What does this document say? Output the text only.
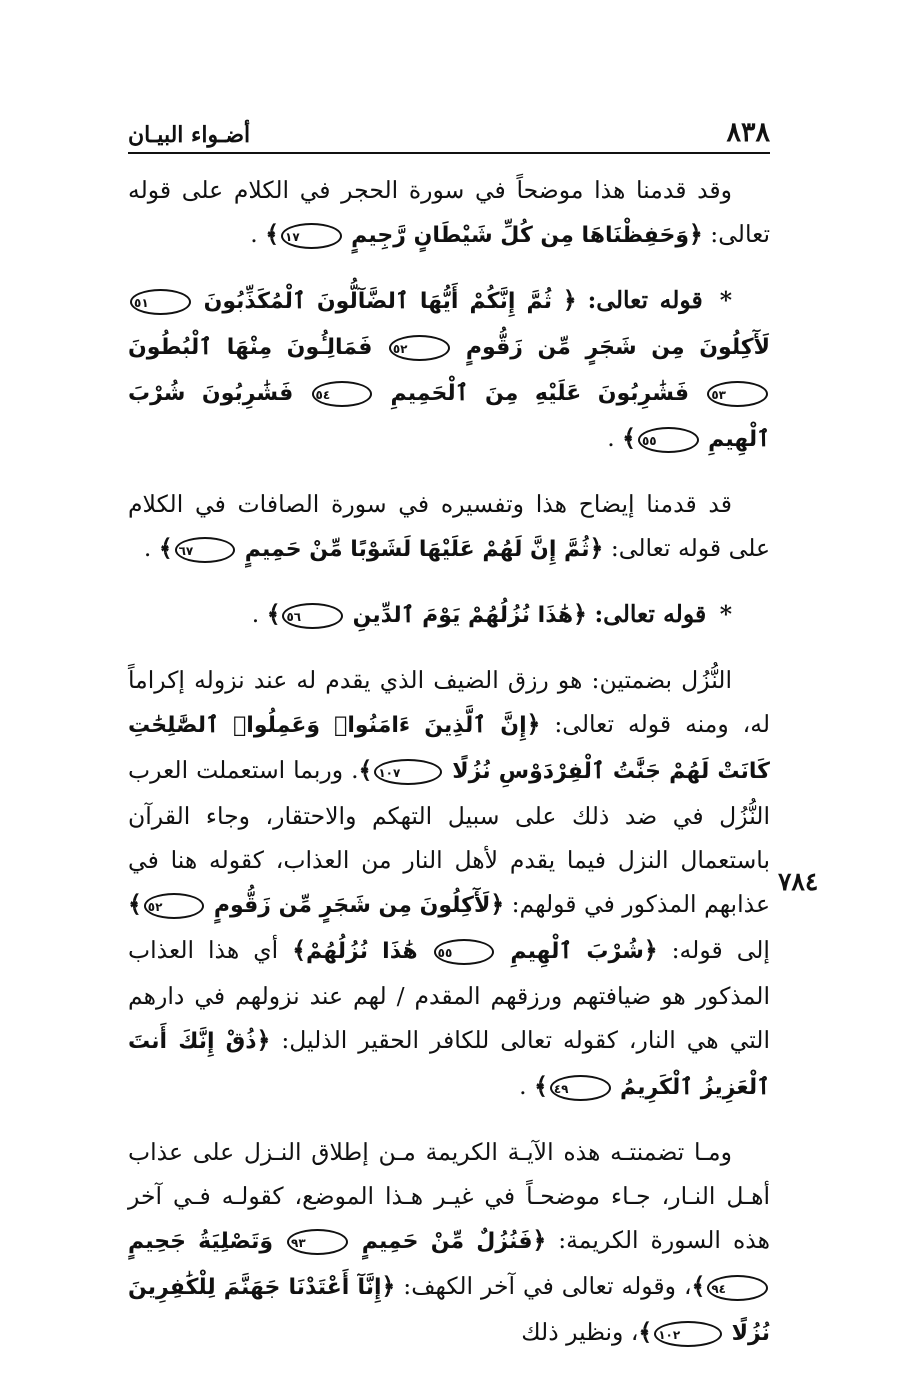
٨٣٨
أضـواء البيـان
٧٨٤

وقد قدمنا هذا موضحاً في سورة الحجر في الكلام على قوله تعالى: ﴿وَحَفِظْنَاهَا مِن كُلِّ شَيْطَانٍ رَّجِيمٍ ١٧﴾ .

* قوله تعالى: ﴿ ثُمَّ إِنَّكُمْ أَيُّهَا ٱلضَّآلُّونَ ٱلْمُكَذِّبُونَ ٥١ لَأٓكِلُونَ مِن شَجَرٍ مِّن زَقُّومٍ ٥٢ فَمَالِـُٔونَ مِنْهَا ٱلْبُطُونَ ٥٣ فَشَٰرِبُونَ عَلَيْهِ مِنَ ٱلْحَمِيمِ ٥٤ فَشَٰرِبُونَ شُرْبَ ٱلْهِيمِ ٥٥﴾ .

قد قدمنا إيضاح هذا وتفسيره في سورة الصافات في الكلام على قوله تعالى: ﴿ثُمَّ إِنَّ لَهُمْ عَلَيْهَا لَشَوْبًا مِّنْ حَمِيمٍ ٦٧﴾ .

* قوله تعالى: ﴿هَٰذَا نُزُلُهُمْ يَوْمَ ٱلدِّينِ ٥٦﴾ .

النُّزُل بضمتين: هو رزق الضيف الذي يقدم له عند نزوله إكراماً له، ومنه قوله تعالى: ﴿إِنَّ ٱلَّذِينَ ءَامَنُوا۟ وَعَمِلُوا۟ ٱلصَّٰلِحَٰتِ كَانَتْ لَهُمْ جَنَّٰتُ ٱلْفِرْدَوْسِ نُزُلًا ١٠٧﴾. وربما استعملت العرب النُّزُل في ضد ذلك على سبيل التهكم والاحتقار، وجاء القرآن باستعمال النزل فيما يقدم لأهل النار من العذاب، كقوله هنا في عذابهم المذكور في قولهم: ﴿لَأٓكِلُونَ مِن شَجَرٍ مِّن زَقُّومٍ ٥٢﴾ إلى قوله: ﴿شُرْبَ ٱلْهِيمِ ٥٥ هَٰذَا نُزُلُهُمْ﴾ أي هذا العذاب المذكور هو ضيافتهم ورزقهم المقدم / لهم عند نزولهم في دارهم التي هي النار، كقوله تعالى للكافر الحقير الذليل: ﴿ذُقْ إِنَّكَ أَنتَ ٱلْعَزِيزُ ٱلْكَرِيمُ ٤٩﴾ .

ومـا تضمنتـه هذه الآيـة الكريمة مـن إطلاق النـزل على عذاب أهـل النـار، جـاء موضحـاً في غيـر هـذا الموضع، كقولـه فـي آخر هذه السورة الكريمة: ﴿فَنُزُلٌ مِّنْ حَمِيمٍ ٩٣ وَتَصْلِيَةُ جَحِيمٍ ٩٤﴾، وقوله تعالى في آخر الكهف: ﴿إِنَّآ أَعْتَدْنَا جَهَنَّمَ لِلْكَٰفِرِينَ نُزُلًا ١٠٢﴾، ونظير ذلك
